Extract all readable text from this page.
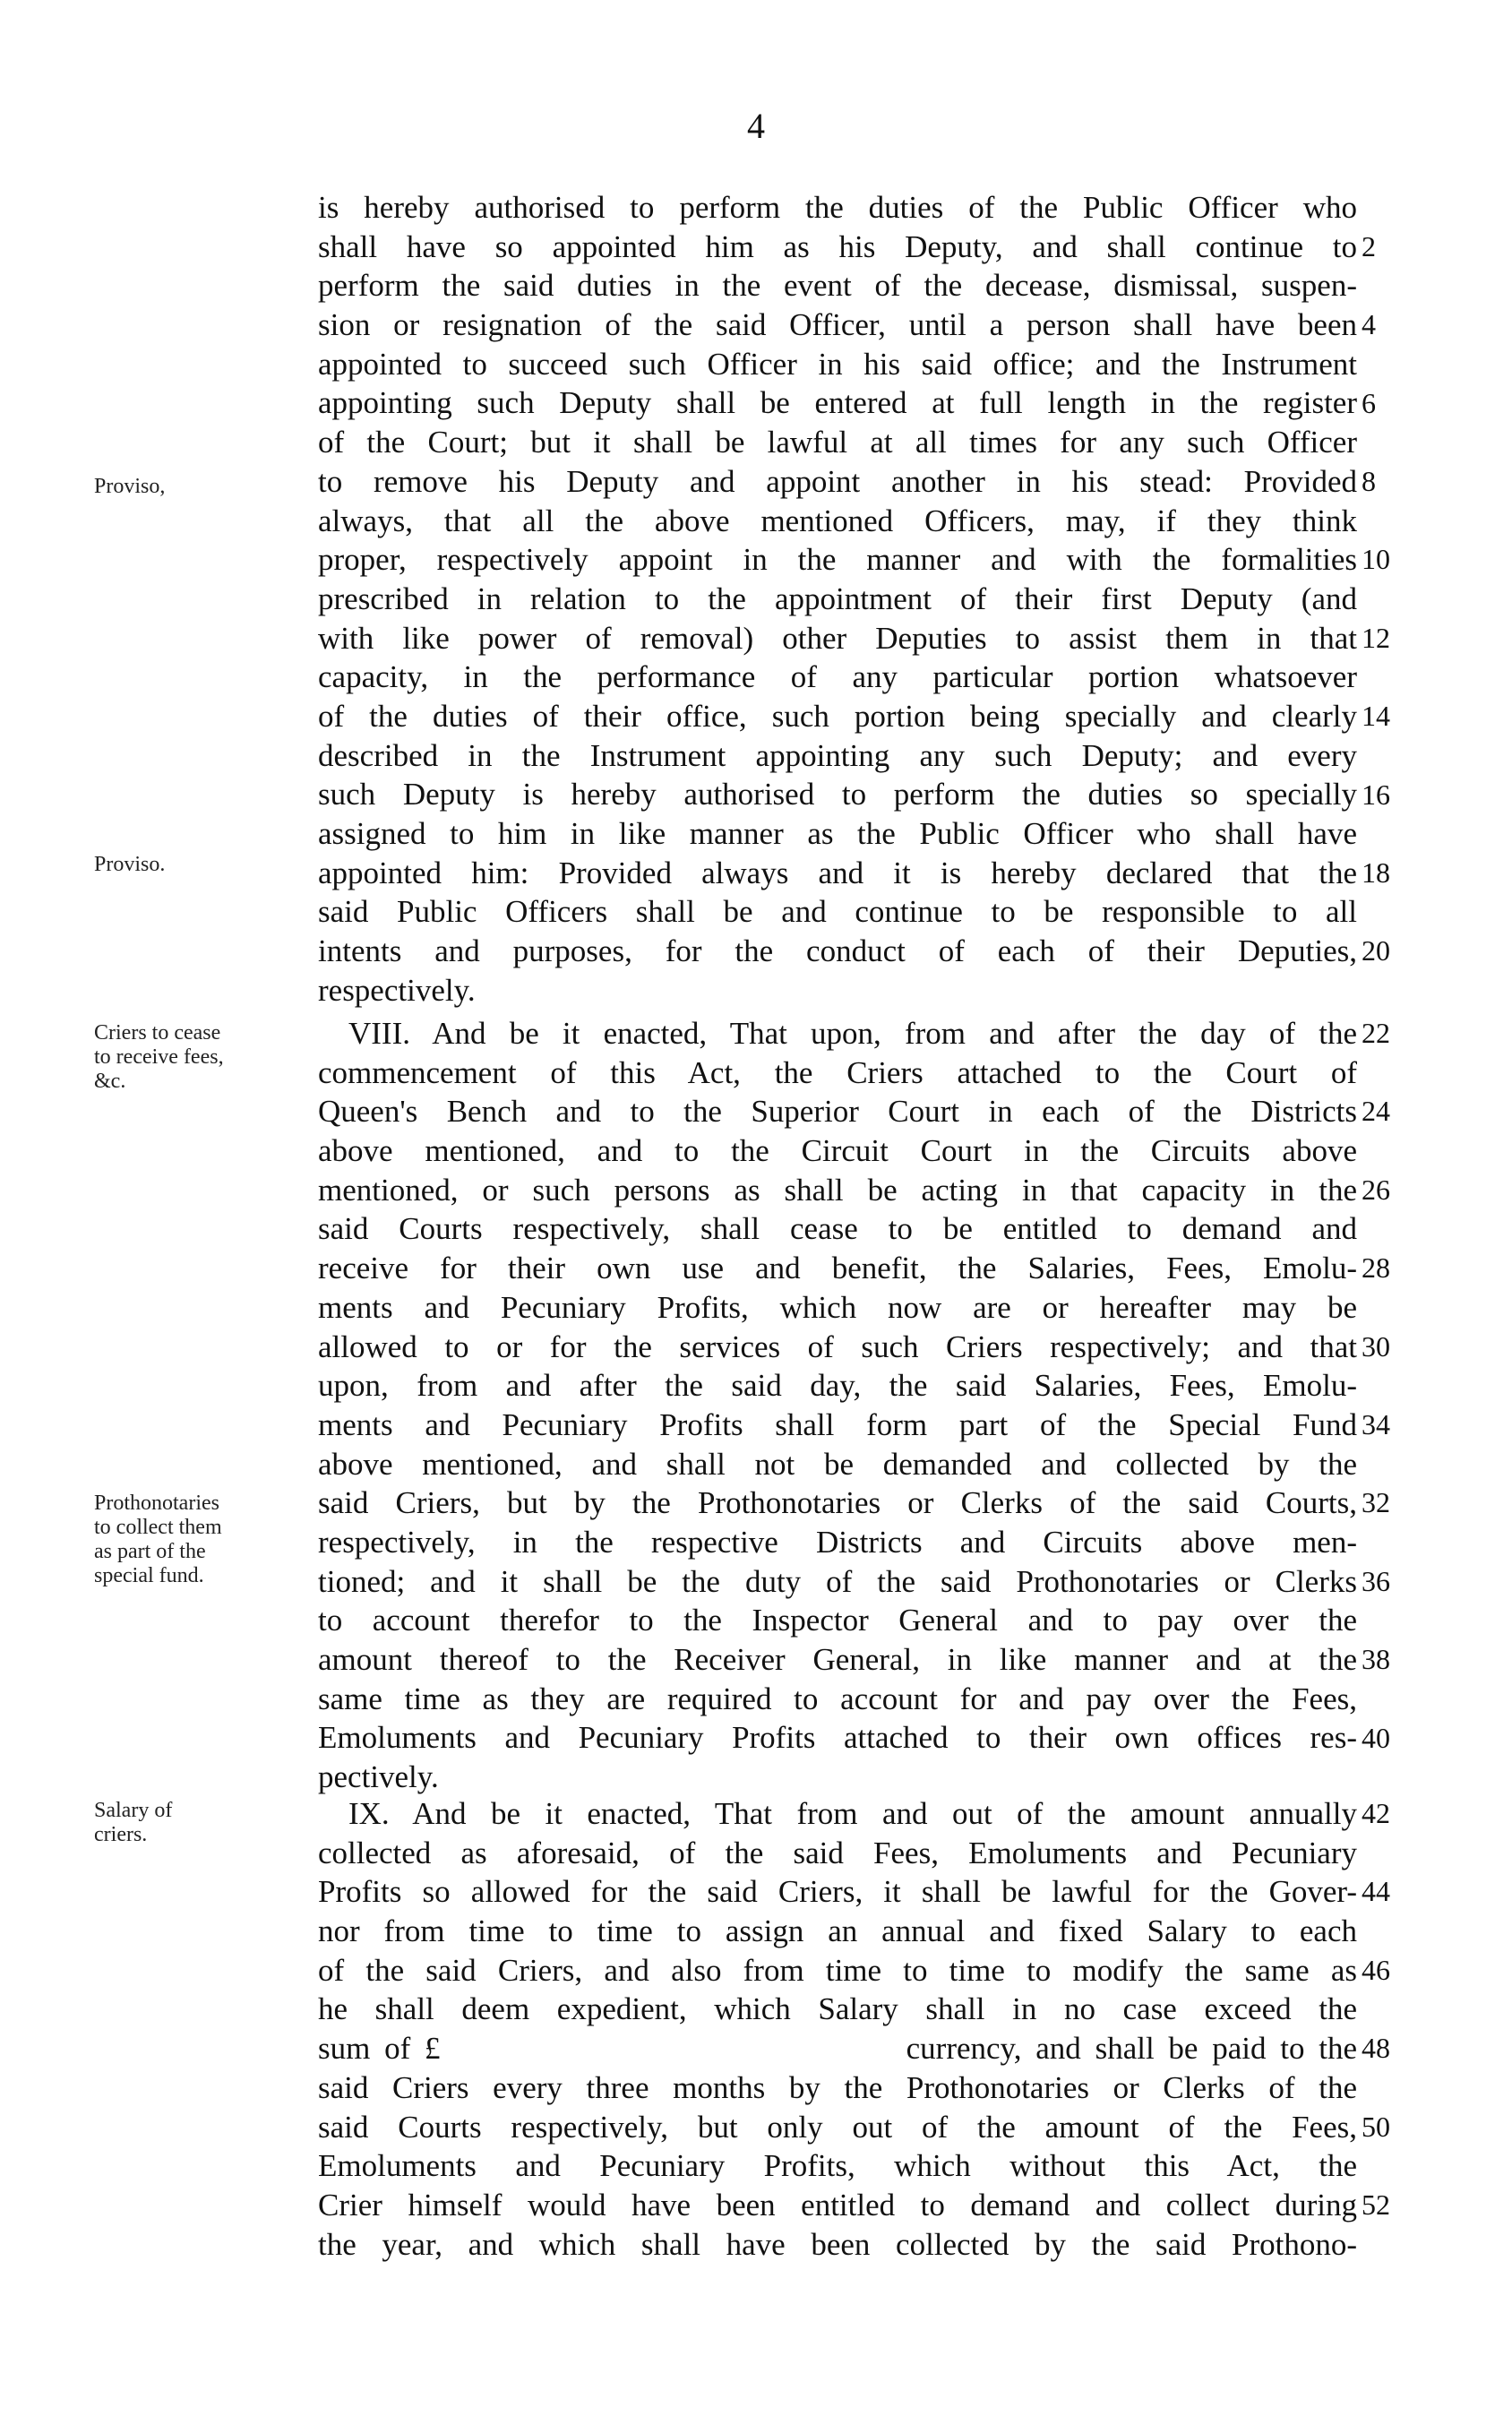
4
is hereby authorised to perform the duties of the Public Officer who
shall have so appointed him as his Deputy, and shall continue to
perform the said duties in the event of the decease, dismissal, suspen-
sion or resignation of the said Officer, until a person shall have been
appointed to succeed such Officer in his said office; and the Instrument
appointing such Deputy shall be entered at full length in the register
of the Court; but it shall be lawful at all times for any such Officer
to remove his Deputy and appoint another in his stead: Provided
always, that all the above mentioned Officers, may, if they think
proper, respectively appoint in the manner and with the formalities
prescribed in relation to the appointment of their first Deputy (and
with like power of removal) other Deputies to assist them in that
capacity, in the performance of any particular portion whatsoever
of the duties of their office, such portion being specially and clearly
described in the Instrument appointing any such Deputy; and every
such Deputy is hereby authorised to perform the duties so specially
assigned to him in like manner as the Public Officer who shall have
appointed him: Provided always and it is hereby declared that the
said Public Officers shall be and continue to be responsible to all
intents and purposes, for the conduct of each of their Deputies,
respectively.
VIII. And be it enacted, That upon, from and after the day of the
commencement of this Act, the Criers attached to the Court of
Queen's Bench and to the Superior Court in each of the Districts
above mentioned, and to the Circuit Court in the Circuits above
mentioned, or such persons as shall be acting in that capacity in the
said Courts respectively, shall cease to be entitled to demand and
receive for their own use and benefit, the Salaries, Fees, Emolu-
ments and Pecuniary Profits, which now are or hereafter may be
allowed to or for the services of such Criers respectively; and that
upon, from and after the said day, the said Salaries, Fees, Emolu-
ments and Pecuniary Profits shall form part of the Special Fund
above mentioned, and shall not be demanded and collected by the
said Criers, but by the Prothonotaries or Clerks of the said Courts,
respectively, in the respective Districts and Circuits above men-
tioned; and it shall be the duty of the said Prothonotaries or Clerks
to account therefor to the Inspector General and to pay over the
amount thereof to the Receiver General, in like manner and at the
same time as they are required to account for and pay over the Fees,
Emoluments and Pecuniary Profits attached to their own offices res-
pectively.
IX. And be it enacted, That from and out of the amount annually
collected as aforesaid, of the said Fees, Emoluments and Pecuniary
Profits so allowed for the said Criers, it shall be lawful for the Gover-
nor from time to time to assign an annual and fixed Salary to each
of the said Criers, and also from time to time to modify the same as
he shall deem expedient, which Salary shall in no case exceed the
sum of £                                 currency, and shall be paid to the
said Criers every three months by the Prothonotaries or Clerks of the
said Courts respectively, but only out of the amount of the Fees,
Emoluments and Pecuniary Profits, which without this Act, the
Crier himself would have been entitled to demand and collect during
the year, and which shall have been collected by the said Prothono-
2
4
6
8
10
12
14
16
18
20
22
24
26
28
30
34
32
36
38
40
42
44
46
48
50
52
Proviso,
Proviso.
Criers to cease
to receive fees,
&c.
Prothonotaries
to collect them
as part of the
special fund.
Salary of
criers.
